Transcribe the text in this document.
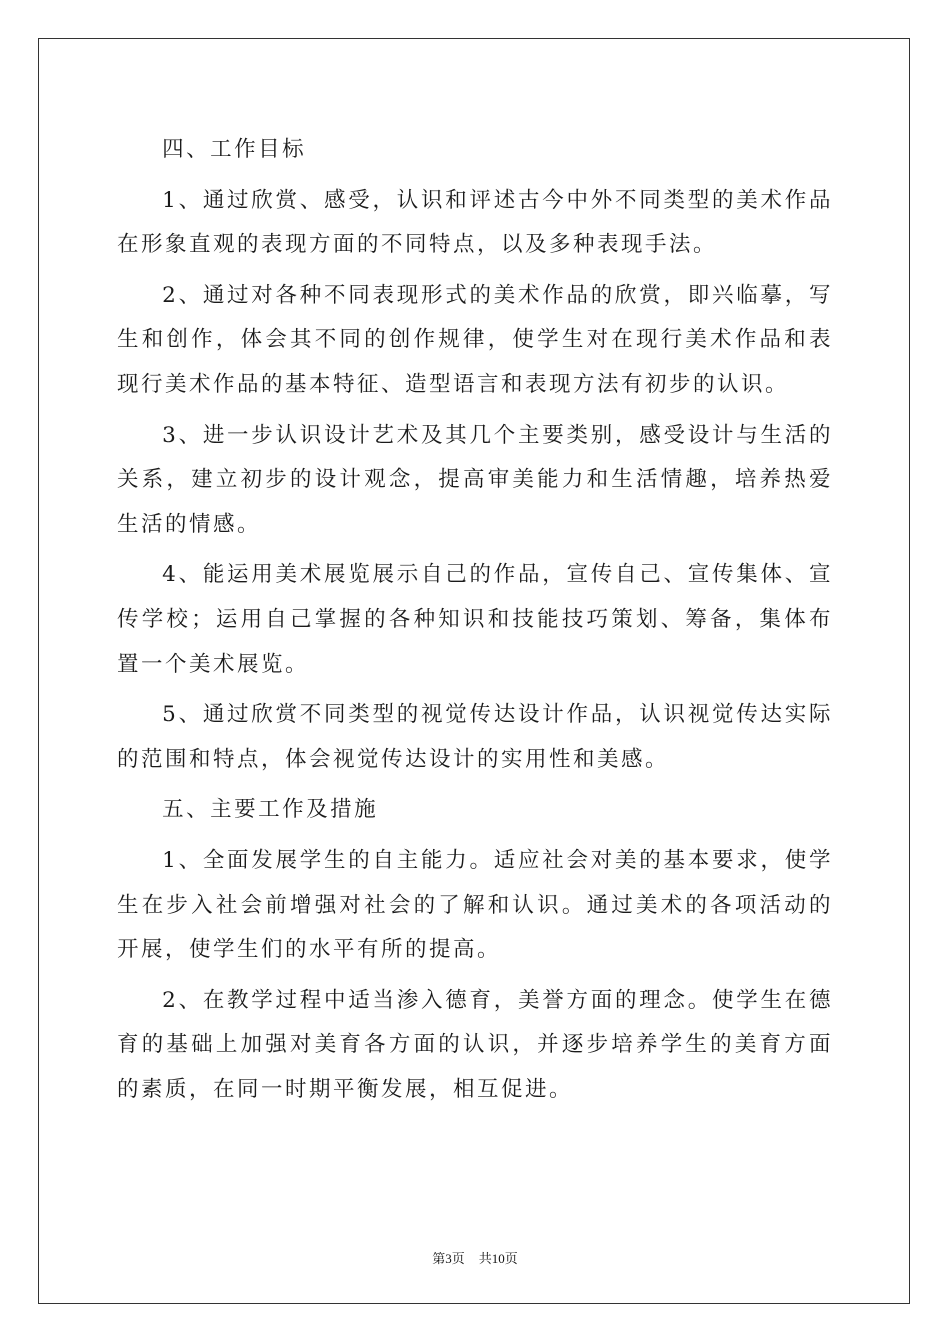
四、工作目标

1、通过欣赏、感受，认识和评述古今中外不同类型的美术作品在形象直观的表现方面的不同特点，以及多种表现手法。

2、通过对各种不同表现形式的美术作品的欣赏，即兴临摹，写生和创作，体会其不同的创作规律，使学生对在现行美术作品和表现行美术作品的基本特征、造型语言和表现方法有初步的认识。

3、进一步认识设计艺术及其几个主要类别，感受设计与生活的关系，建立初步的设计观念，提高审美能力和生活情趣，培养热爱生活的情感。

4、能运用美术展览展示自己的作品，宣传自己、宣传集体、宣传学校；运用自己掌握的各种知识和技能技巧策划、筹备，集体布置一个美术展览。

5、通过欣赏不同类型的视觉传达设计作品，认识视觉传达实际的范围和特点，体会视觉传达设计的实用性和美感。

五、主要工作及措施

1、全面发展学生的自主能力。适应社会对美的基本要求，使学生在步入社会前增强对社会的了解和认识。通过美术的各项活动的开展，使学生们的水平有所的提高。

2、在教学过程中适当渗入德育，美誉方面的理念。使学生在德育的基础上加强对美育各方面的认识，并逐步培养学生的美育方面的素质，在同一时期平衡发展，相互促进。

第3页 共10页
